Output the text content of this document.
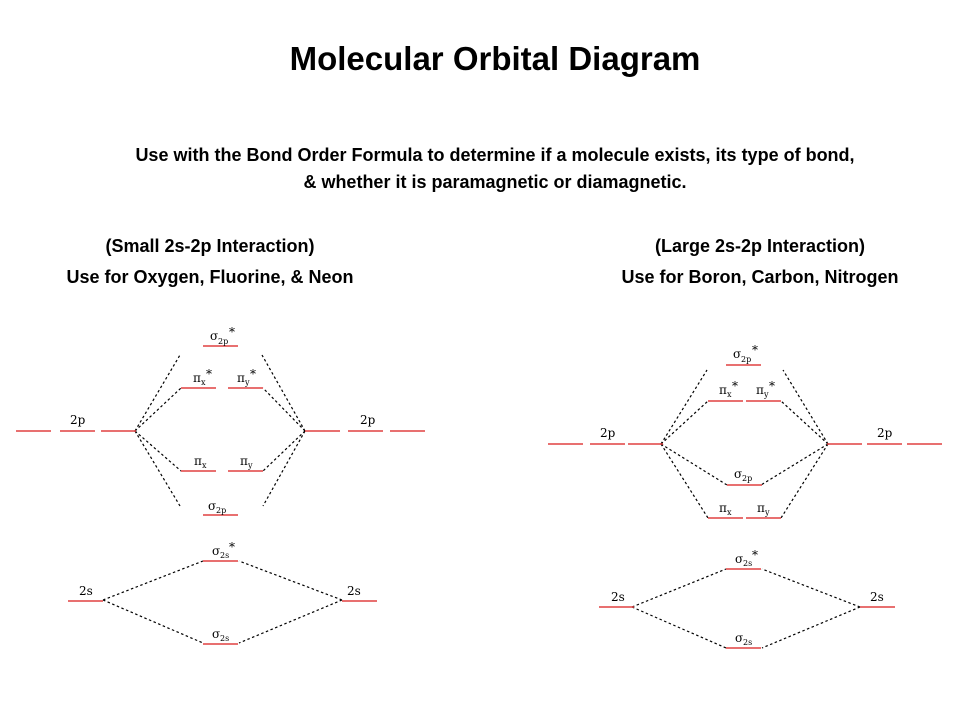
Molecular Orbital Diagram
Use with the Bond Order Formula to determine if a molecule exists, its type of bond,
& whether it is paramagnetic or diamagnetic.
(Small 2s-2p Interaction)
Use for Oxygen, Fluorine, & Neon
(Large 2s-2p Interaction)
Use for Boron, Carbon, Nitrogen
2p	2p
σ 2p
*
π x
* π y
*
π x	π y
σ 2p
2s	2s
σ 2s
*
σ 2s
2p	2p
σ 2p
*
π x
* π y
*
σ 2p
π x π y
2s	2s
σ 2s
*
σ 2s
